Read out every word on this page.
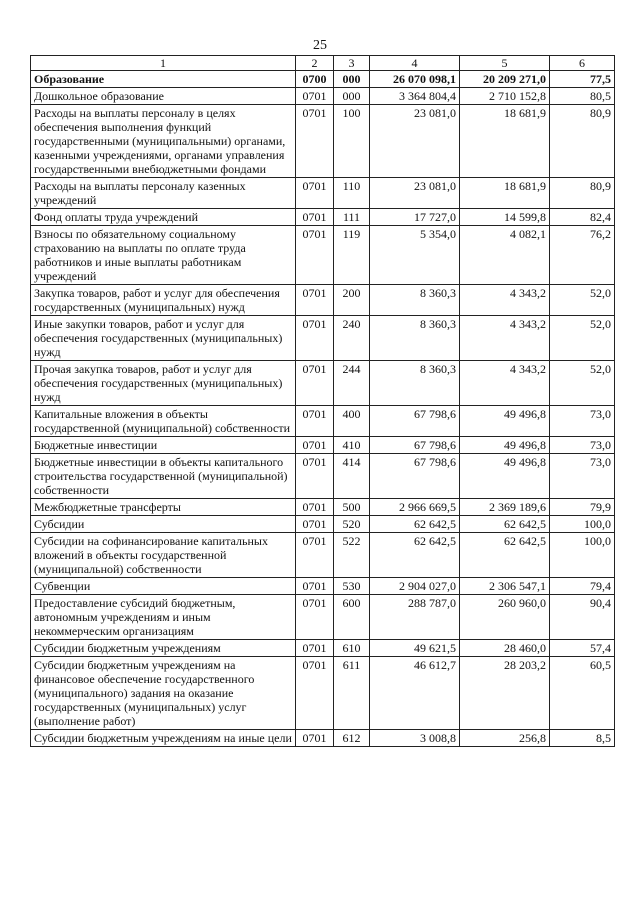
25
1	2	3	4	5	6
Образование	0700	000	26 070 098,1	20 209 271,0	77,5
Дошкольное образование	0701	000	3 364 804,4	2 710 152,8	80,5
Расходы на выплаты персоналу в целях обеспечения выполнения функций государственными (муниципальными) органами, казенными учреждениями, органами управления государственными внебюджетными фондами	0701	100	23 081,0	18 681,9	80,9
Расходы на выплаты персоналу казенных учреждений	0701	110	23 081,0	18 681,9	80,9
Фонд оплаты труда учреждений	0701	111	17 727,0	14 599,8	82,4
Взносы по обязательному социальному страхованию на выплаты по оплате труда работников и иные выплаты работникам учреждений	0701	119	5 354,0	4 082,1	76,2
Закупка товаров, работ и услуг для обеспечения государственных (муниципальных) нужд	0701	200	8 360,3	4 343,2	52,0
Иные закупки товаров, работ и услуг для обеспечения государственных (муниципальных) нужд	0701	240	8 360,3	4 343,2	52,0
Прочая закупка товаров, работ и услуг для обеспечения государственных (муниципальных) нужд	0701	244	8 360,3	4 343,2	52,0
Капитальные вложения в объекты государственной (муниципальной) собственности	0701	400	67 798,6	49 496,8	73,0
Бюджетные инвестиции	0701	410	67 798,6	49 496,8	73,0
Бюджетные инвестиции в объекты капитального строительства государственной (муниципальной) собственности	0701	414	67 798,6	49 496,8	73,0
Межбюджетные трансферты	0701	500	2 966 669,5	2 369 189,6	79,9
Субсидии	0701	520	62 642,5	62 642,5	100,0
Субсидии на софинансирование капитальных вложений в объекты государственной (муниципальной) собственности	0701	522	62 642,5	62 642,5	100,0
Субвенции	0701	530	2 904 027,0	2 306 547,1	79,4
Предоставление субсидий бюджетным, автономным учреждениям и иным некоммерческим организациям	0701	600	288 787,0	260 960,0	90,4
Субсидии бюджетным учреждениям	0701	610	49 621,5	28 460,0	57,4
Субсидии бюджетным учреждениям на финансовое обеспечение государственного (муниципального) задания на оказание государственных (муниципальных) услуг (выполнение работ)	0701	611	46 612,7	28 203,2	60,5
Субсидии бюджетным учреждениям на иные цели	0701	612	3 008,8	256,8	8,5
